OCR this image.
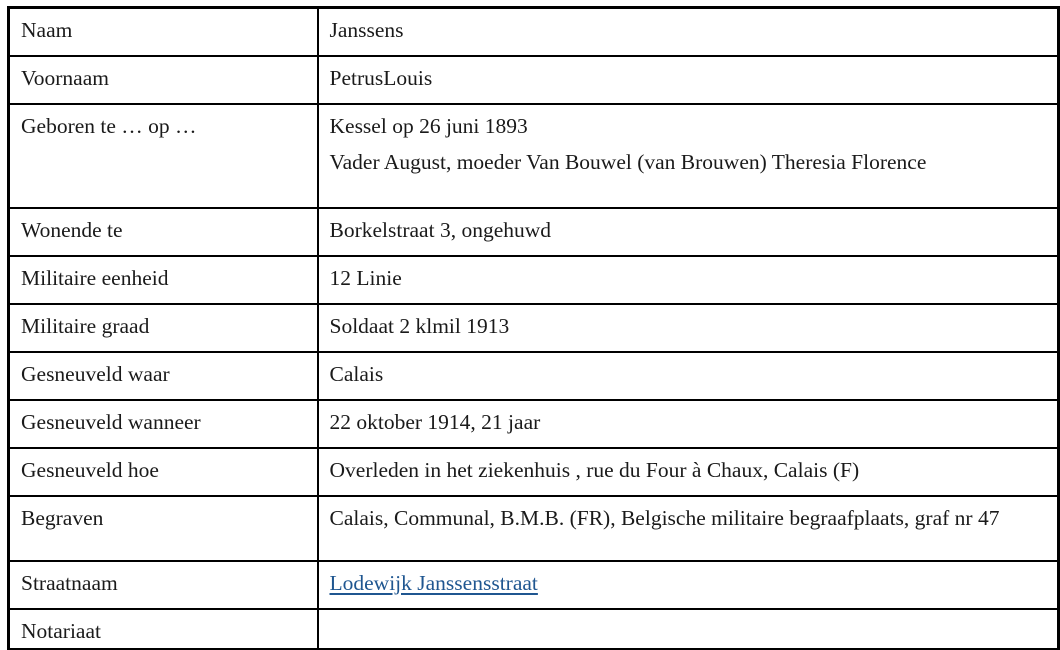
Naam	Janssens
Voornaam	PetrusLouis
Geboren te … op …	Kessel op 26 juni 1893
Vader August, moeder Van Bouwel (van Brouwen) Theresia Florence

Wonende te	Borkelstraat 3, ongehuwd
Militaire eenheid	12 Linie
Militaire graad	Soldaat 2 klmil 1913
Gesneuveld waar	Calais
Gesneuveld wanneer	22 oktober 1914, 21 jaar
Gesneuveld hoe	Overleden in het ziekenhuis , rue du Four à Chaux, Calais (F)
Begraven	Calais, Communal, B.M.B. (FR), Belgische militaire begraafplaats, graf nr 47
Straatnaam	Lodewijk Janssensstraat
Notariaat	
